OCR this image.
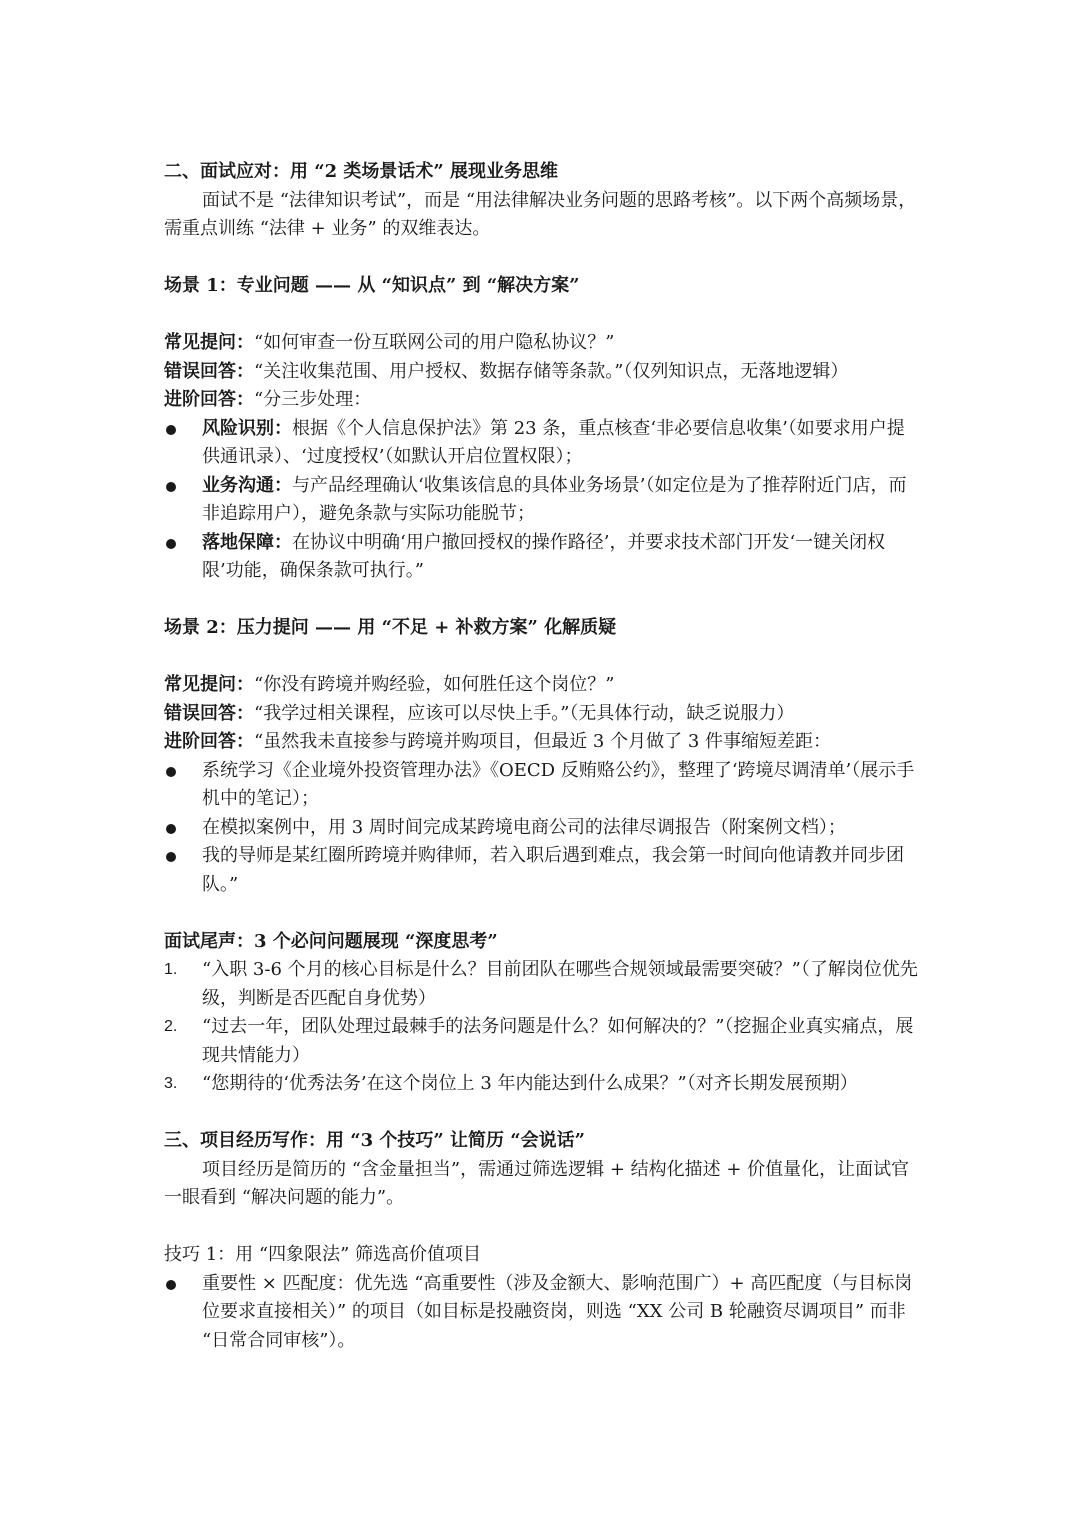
二、面试应对：用 “2 类场景话术” 展现业务思维

面试不是 “法律知识考试”，而是 “用法律解决业务问题的思路考核”。以下两个高频场景，需重点训练 “法律 + 业务” 的双维表达。

场景 1：专业问题 —— 从 “知识点” 到 “解决方案”

常见提问：“如何审查一份互联网公司的用户隐私协议？”

错误回答：“关注收集范围、用户授权、数据存储等条款。”（仅列知识点，无落地逻辑）

进阶回答：“分三步处理：

风险识别：根据《个人信息保护法》第 23 条，重点核查‘非必要信息收集’（如要求用户提供通讯录）、‘过度授权’（如默认开启位置权限）；

业务沟通：与产品经理确认‘收集该信息的具体业务场景’（如定位是为了推荐附近门店，而非追踪用户），避免条款与实际功能脱节；

落地保障：在协议中明确‘用户撤回授权的操作路径’，并要求技术部门开发‘一键关闭权限’功能，确保条款可执行。”

场景 2：压力提问 —— 用 “不足 + 补救方案” 化解质疑

常见提问：“你没有跨境并购经验，如何胜任这个岗位？”

错误回答：“我学过相关课程，应该可以尽快上手。”（无具体行动，缺乏说服力）

进阶回答：“虽然我未直接参与跨境并购项目，但最近 3 个月做了 3 件事缩短差距：

系统学习《企业境外投资管理办法》《OECD 反贿赂公约》，整理了‘跨境尽调清单’（展示手机中的笔记）；

在模拟案例中，用 3 周时间完成某跨境电商公司的法律尽调报告（附案例文档）；

我的导师是某红圈所跨境并购律师，若入职后遇到难点，我会第一时间向他请教并同步团队。”

面试尾声：3 个必问问题展现 “深度思考”

1. “入职 3-6 个月的核心目标是什么？目前团队在哪些合规领域最需要突破？”（了解岗位优先级，判断是否匹配自身优势）

2. “过去一年，团队处理过最棘手的法务问题是什么？如何解决的？”（挖掘企业真实痛点，展现共情能力）

3. “您期待的‘优秀法务’在这个岗位上 3 年内能达到什么成果？”（对齐长期发展预期）

三、项目经历写作：用 “3 个技巧” 让简历 “会说话”

项目经历是简历的 “含金量担当”，需通过筛选逻辑 + 结构化描述 + 价值量化，让面试官一眼看到 “解决问题的能力”。

技巧 1：用 “四象限法” 筛选高价值项目

重要性 × 匹配度：优先选 “高重要性（涉及金额大、影响范围广）+ 高匹配度（与目标岗位要求直接相关）” 的项目（如目标是投融资岗，则选 “XX 公司 B 轮融资尽调项目” 而非 “日常合同审核”）。
